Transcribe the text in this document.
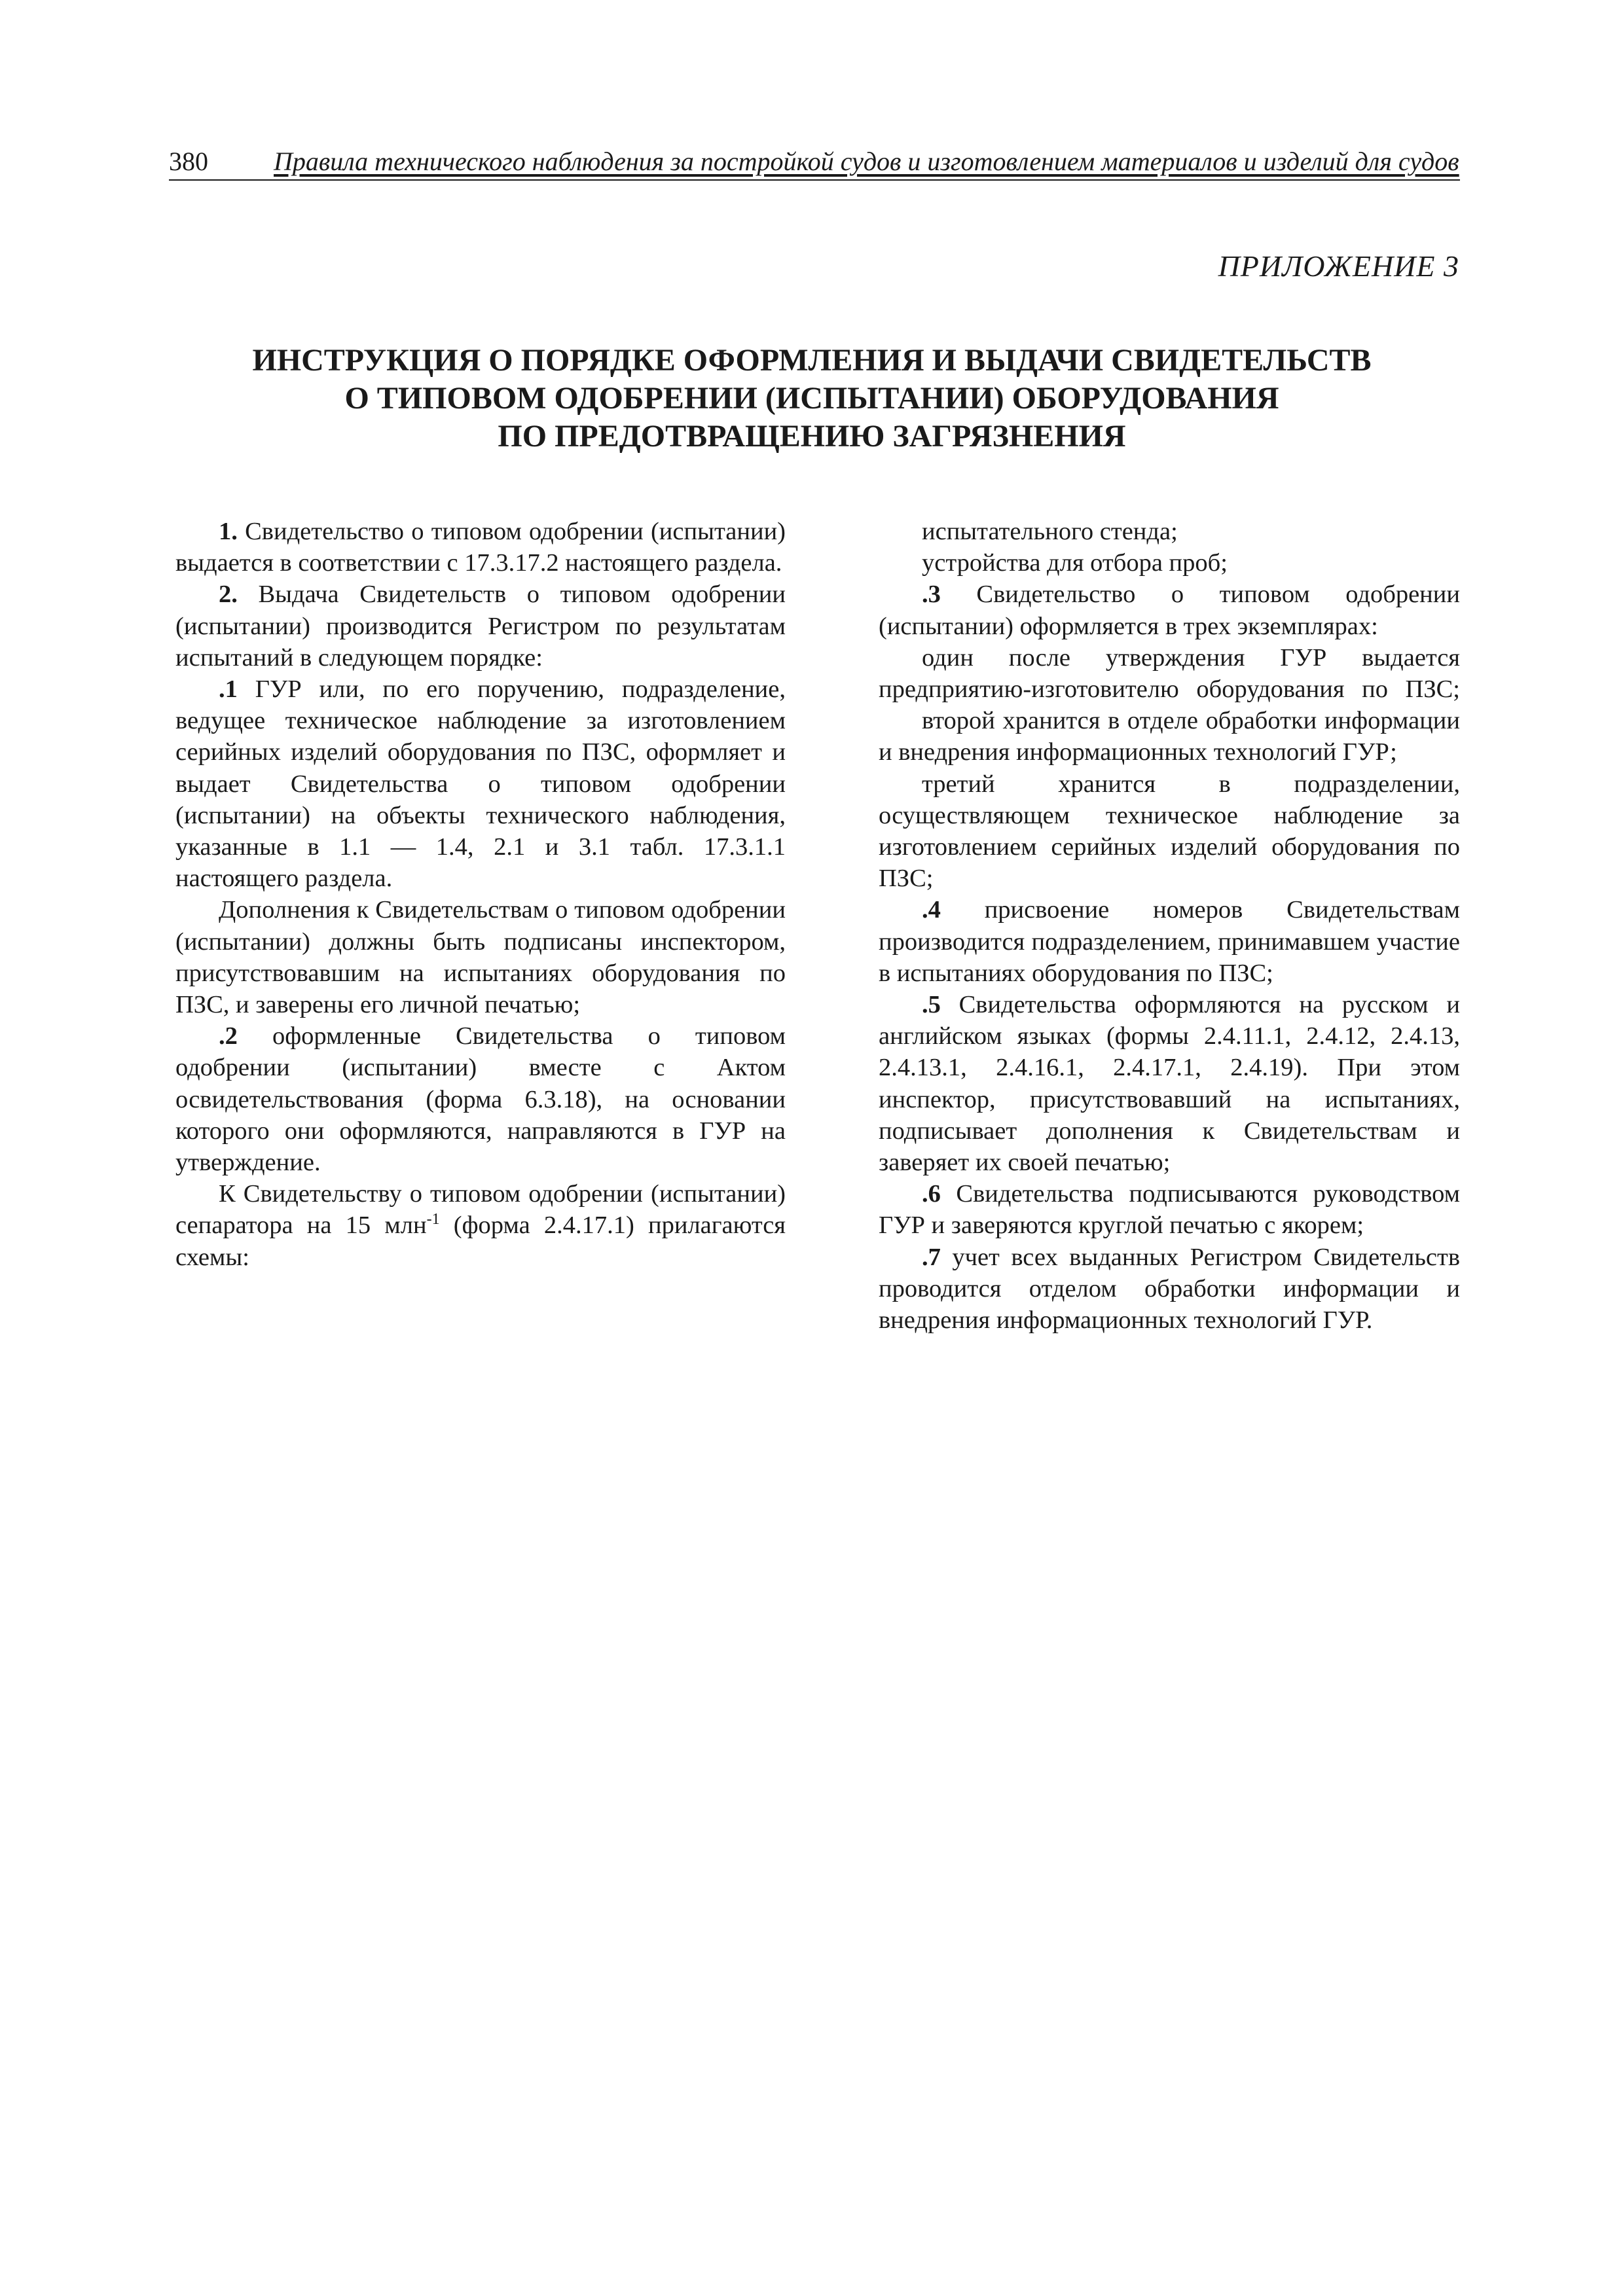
380	Правила технического наблюдения за постройкой судов и изготовлением материалов и изделий для судов
ПРИЛОЖЕНИЕ 3
ИНСТРУКЦИЯ О ПОРЯДКЕ ОФОРМЛЕНИЯ И ВЫДАЧИ СВИДЕТЕЛЬСТВ
О ТИПОВОМ ОДОБРЕНИИ (ИСПЫТАНИИ) ОБОРУДОВАНИЯ
ПО ПРЕДОТВРАЩЕНИЮ ЗАГРЯЗНЕНИЯ

1. Свидетельство о типовом одобрении (испытании) выдается в соответствии с 17.3.17.2 настоящего раздела.

2. Выдача Свидетельств о типовом одобрении (испытании) производится Регистром по результатам испытаний в следующем порядке:

.1 ГУР или, по его поручению, подразделение, ведущее техническое наблюдение за изготовлением серийных изделий оборудования по ПЗС, оформляет и выдает Свидетельства о типовом одобрении (испытании) на объекты технического наблюдения, указанные в 1.1 — 1.4, 2.1 и 3.1 табл. 17.3.1.1 настоящего раздела.

Дополнения к Свидетельствам о типовом одобрении (испытании) должны быть подписаны инспектором, присутствовавшим на испытаниях оборудования по ПЗС, и заверены его личной печатью;

.2 оформленные Свидетельства о типовом одобрении (испытании) вместе с Актом освидетельствования (форма 6.3.18), на основании которого они оформляются, направляются в ГУР на утверждение.

К Свидетельству о типовом одобрении (испытании) сепаратора на 15 млн$^{-1}$ (форма 2.4.17.1) прилагаются схемы:

испытательного стенда;

устройства для отбора проб;

.3 Свидетельство о типовом одобрении (испытании) оформляется в трех экземплярах:

один после утверждения ГУР выдается предприятию-изготовителю оборудования по ПЗС;

второй хранится в отделе обработки информации и внедрения информационных технологий ГУР;

третий хранится в подразделении, осуществляющем техническое наблюдение за изготовлением серийных изделий оборудования по ПЗС;

.4 присвоение номеров Свидетельствам производится подразделением, принимавшем участие в испытаниях оборудования по ПЗС;

.5 Свидетельства оформляются на русском и английском языках (формы 2.4.11.1, 2.4.12, 2.4.13, 2.4.13.1, 2.4.16.1, 2.4.17.1, 2.4.19). При этом инспектор, присутствовавший на испытаниях, подписывает дополнения к Свидетельствам и заверяет их своей печатью;

.6 Свидетельства подписываются руководством ГУР и заверяются круглой печатью с якорем;

.7 учет всех выданных Регистром Свидетельств проводится отделом обработки информации и внедрения информационных технологий ГУР.
